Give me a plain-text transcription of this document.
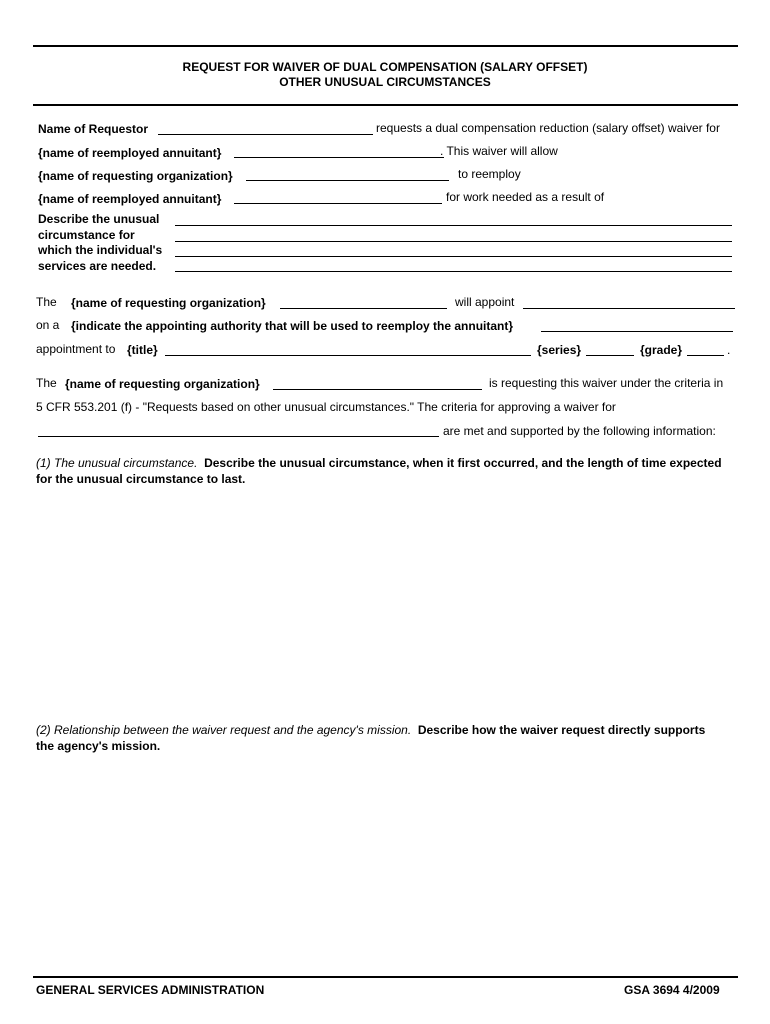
REQUEST FOR WAIVER OF DUAL COMPENSATION (SALARY OFFSET)
OTHER UNUSUAL CIRCUMSTANCES
Name of Requestor	requests a dual compensation reduction (salary offset) waiver for
{name of reemployed annuitant}	. This waiver will allow
{name of requesting organization}	to reemploy
{name of reemployed annuitant}	for work needed as a result of
Describe the unusual
circumstance for
which the individual's
services are needed.
The {name of requesting organization}	will appoint
on a {indicate the appointing authority that will be used to reemploy the annuitant}
appointment to {title}	{series}	{grade}	.
The {name of requesting organization}	is requesting this waiver under the criteria in
5 CFR 553.201 (f) - "Requests based on other unusual circumstances." The criteria for approving a waiver for
are met and supported by the following information:
(1) The unusual circumstance. Describe the unusual circumstance, when it first occurred, and the length of time expected for the unusual circumstance to last.
(2) Relationship between the waiver request and the agency's mission. Describe how the waiver request directly supports the agency's mission.
GENERAL SERVICES ADMINISTRATION	GSA 3694 4/2009
